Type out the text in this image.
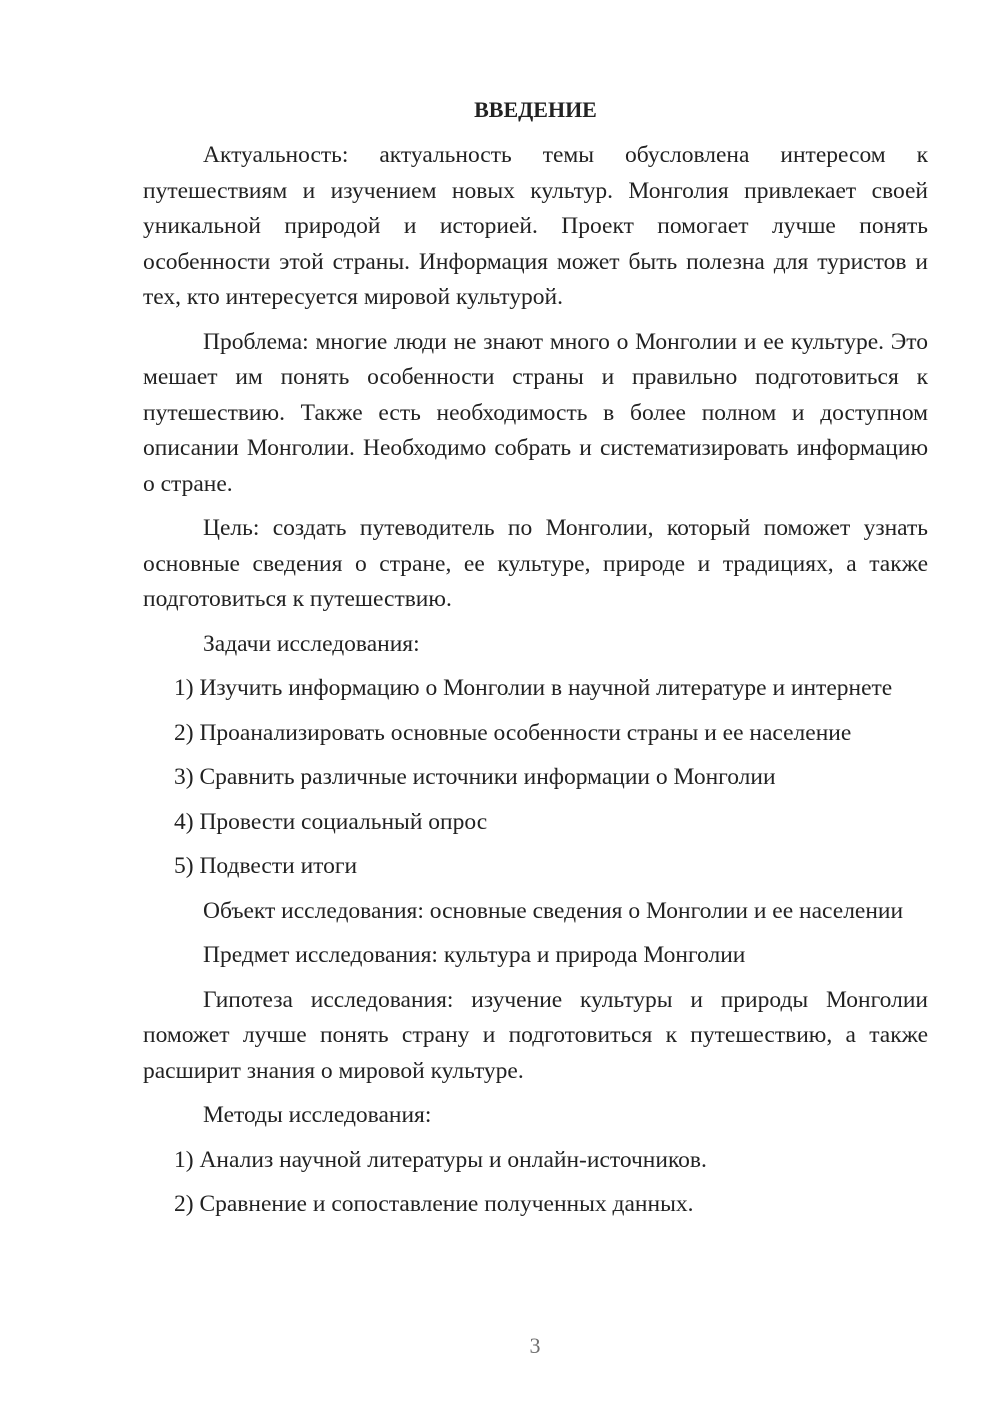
ВВЕДЕНИЕ

Актуальность: актуальность темы обусловлена интересом к путешествиям и изучением новых культур. Монголия привлекает своей уникальной природой и историей. Проект помогает лучше понять особенности этой страны. Информация может быть полезна для туристов и тех, кто интересуется мировой культурой.

Проблема: многие люди не знают много о Монголии и ее культуре. Это мешает им понять особенности страны и правильно подготовиться к путешествию. Также есть необходимость в более полном и доступном описании Монголии. Необходимо собрать и систематизировать информацию о стране.

Цель: создать путеводитель по Монголии, который поможет узнать основные сведения о стране, ее культуре, природе и традициях, а также подготовиться к путешествию.

Задачи исследования:

1) Изучить информацию о Монголии в научной литературе и интернете

2) Проанализировать основные особенности страны и ее население

3) Сравнить различные источники информации о Монголии

4) Провести социальный опрос

5) Подвести итоги

Объект исследования: основные сведения о Монголии и ее населении

Предмет исследования: культура и природа Монголии

Гипотеза исследования: изучение культуры и природы Монголии поможет лучше понять страну и подготовиться к путешествию, а также расширит знания о мировой культуре.

Методы исследования:

1) Анализ научной литературы и онлайн-источников.

2) Сравнение и сопоставление полученных данных.

3
